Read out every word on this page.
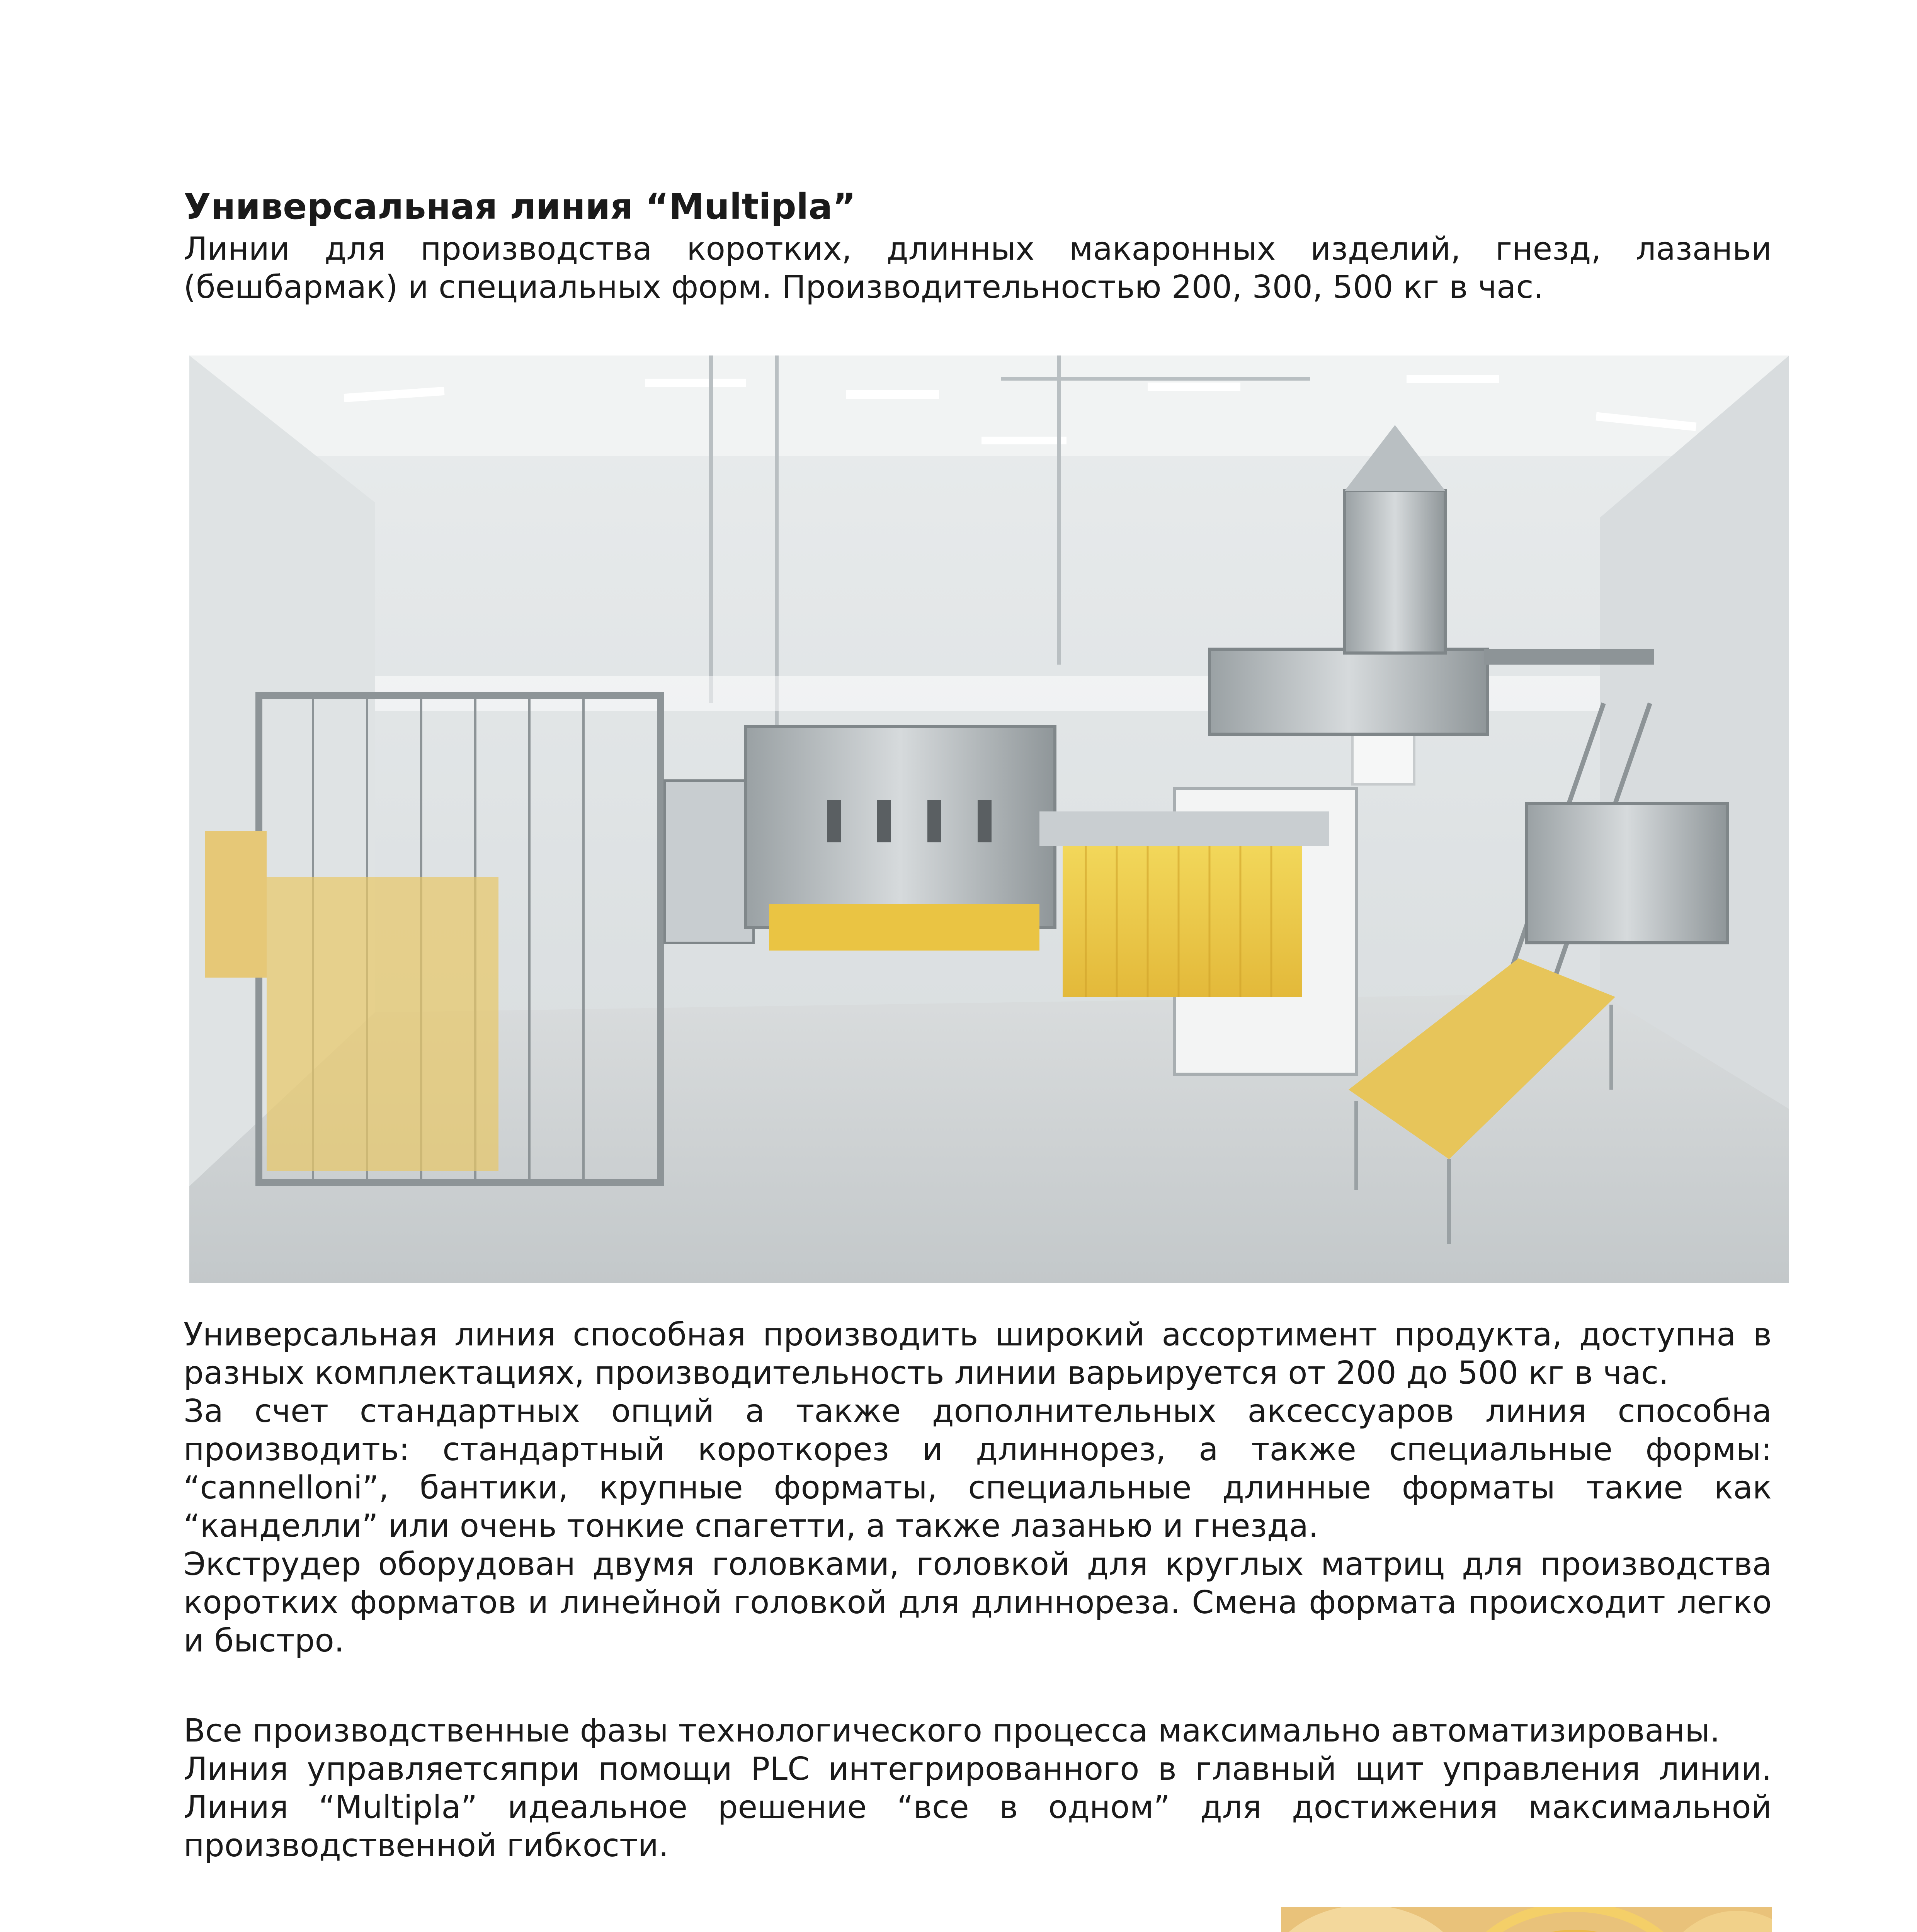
Универсальная линия “Multipla”
Линии для производства коротких, длинных макаронных изделий, гнезд, лазаньи (бешбармак) и специальных форм. Производительностью 200, 300, 500 кг в час.

Универсальная линия способная производить широкий ассортимент продукта, доступна в разных комплектациях, производительность линии варьируется от 200 до 500 кг в час.

За счет стандартных опций а также дополнительных аксессуаров линия способна производить: стандартный короткорез и длиннорез, а также специальные формы: “cannelloni”, бантики, крупные форматы, специальные длинные форматы такие как “канделли” или очень тонкие спагетти, а также лазанью и гнезда.

Экструдер оборудован двумя головками, головкой для круглых матриц для производства коротких форматов и линейной головкой для длиннореза. Смена формата происходит легко и быстро.

Все производственные фазы технологического процесса максимально автоматизированы.

Линия управляетсяпри помощи PLC интегрированного в главный щит управления линии. Линия “Multipla” идеальное решение “все в одном” для достижения максимальной производственной гибкости.
